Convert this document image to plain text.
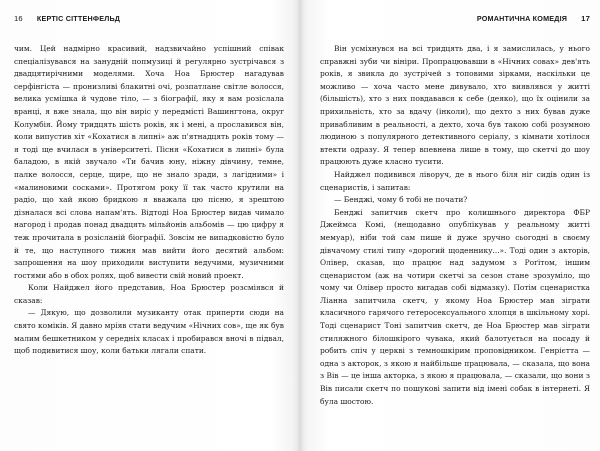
16 КЕРТІС СІТТЕНФЕЛЬД

чим. Цей надмірно красивий, надзвичайно успішний співак спеціалізувався на занудній попмузиці й регулярно зустрічався з двадцятирічними моделями. Хоча Ноа Брюстер нагадував серфінгіста — пронизливі блакитні очі, розпатлане світле волосся, велика усмішка й чудове тіло, — з біографії, яку я вам розіслала вранці, я вже знала, що він виріс у передмісті Вашингтона, округ Колумбія. Йому тридцять шість років, як і мені, а прославився він, коли випустив хіт «Кохатися в липні» аж п'ятнадцять років тому — я тоді ще вчилася в університеті. Пісня «Кохатися в липні» була баладою, в якій звучало «Ти бачив юну, ніжну дівчину, темне, палке волосся, серце, щире, що не знало зради, з лагідними» і «малиновими сосками». Протягом року її так часто крутили на радіо, що хай якою бридкою я вважала цю пісню, я зрештою дізналася всі слова напам'ять. Відтоді Ноа Брюстер видав чимало нагород і продав понад двадцять мільйонів альбомів — цю цифру я теж прочитала в розісланій біографії. Зовсім не випадковістю було й те, що наступного тижня мав вийти його десятий альбом: запрошення на шоу приходили виступити ведучими, музичними гостями або в обох ролях, щоб вивести свій новий проект.

Коли Найджел його представив, Ноа Брюстер розсміявся й сказав:

— Дякую, що дозволили музиканту отак приперти сюди на свято коміків. Я давно мріяв стати ведучим «Нічних сов», ще як був малим бешкетником у середніх класах і пробирався вночі в підвал, щоб подивитися шоу, коли батьки лягали спати.

РОМАНТИЧНА КОМЕДІЯ 17

Він усміхнувся на всі тридцять два, і я замислилась, у нього справжні зуби чи вініри. Пропрацювавши в «Нічних совах» дев'ять років, я звикла до зустрічей з топовими зірками, наскільки це можливо — хоча часто мене дивувало, хто виявлявся у житті (більшість), хто з них повдавався к себе (деяко), що їх оцінили за прихильність, хто за вдачу (інколи), що дехто з них бував дуже привабливим в реальності, а дехто, хоча був такою собі розумною людиною з популярного детективного серіалу, з кімнати хотілося втекти одразу. Я тепер впевнена лише в тому, що скетчі до шоу працюють дуже класно тусити.

Найджел подивився ліворуч, де в нього біля ніг сидів один із сценаристів, і запитав:

— Бенджі, чому б тобі не почати?

Бенджі запитчив скетч про колишнього директора ФБР Джеймса Комі, (нещодавно опублікував у реальному житті мемуар), ніби той сам пише й дуже зручно сьогодні в своєму дівчачому стилі типу «дорогий щоденнику...». Тоді один з акторів, Олівер, сказав, що працює над задумом з Роґітом, іншим сценаристом (аж на чотири скетчі за сезон стане зрозуміло, що чому чи Олівер просто вигадав собі відмазку). Потім сценаристка Ліанна запитчила скетч, у якому Ноа Брюстер мав зіграти класичного гарячого гетеросексуального хлопця в шкільному хорі. Тоді сценарист Тоні запитчив скетч, де Ноа Брюстер мав зіграти стиляжного білошкірого чувака, який балотується на посаду й робить спіч у церкві з темношкірим проповідником. Генрієтта — одна з акторок, з якою я найбільше працювала, — сказала, що вона з Вів — це інша акторка, з якою я працювала, — сказали, що вони з Вів писали скетч по пошукові запити від імені собак в інтернеті. Я була шостою.
